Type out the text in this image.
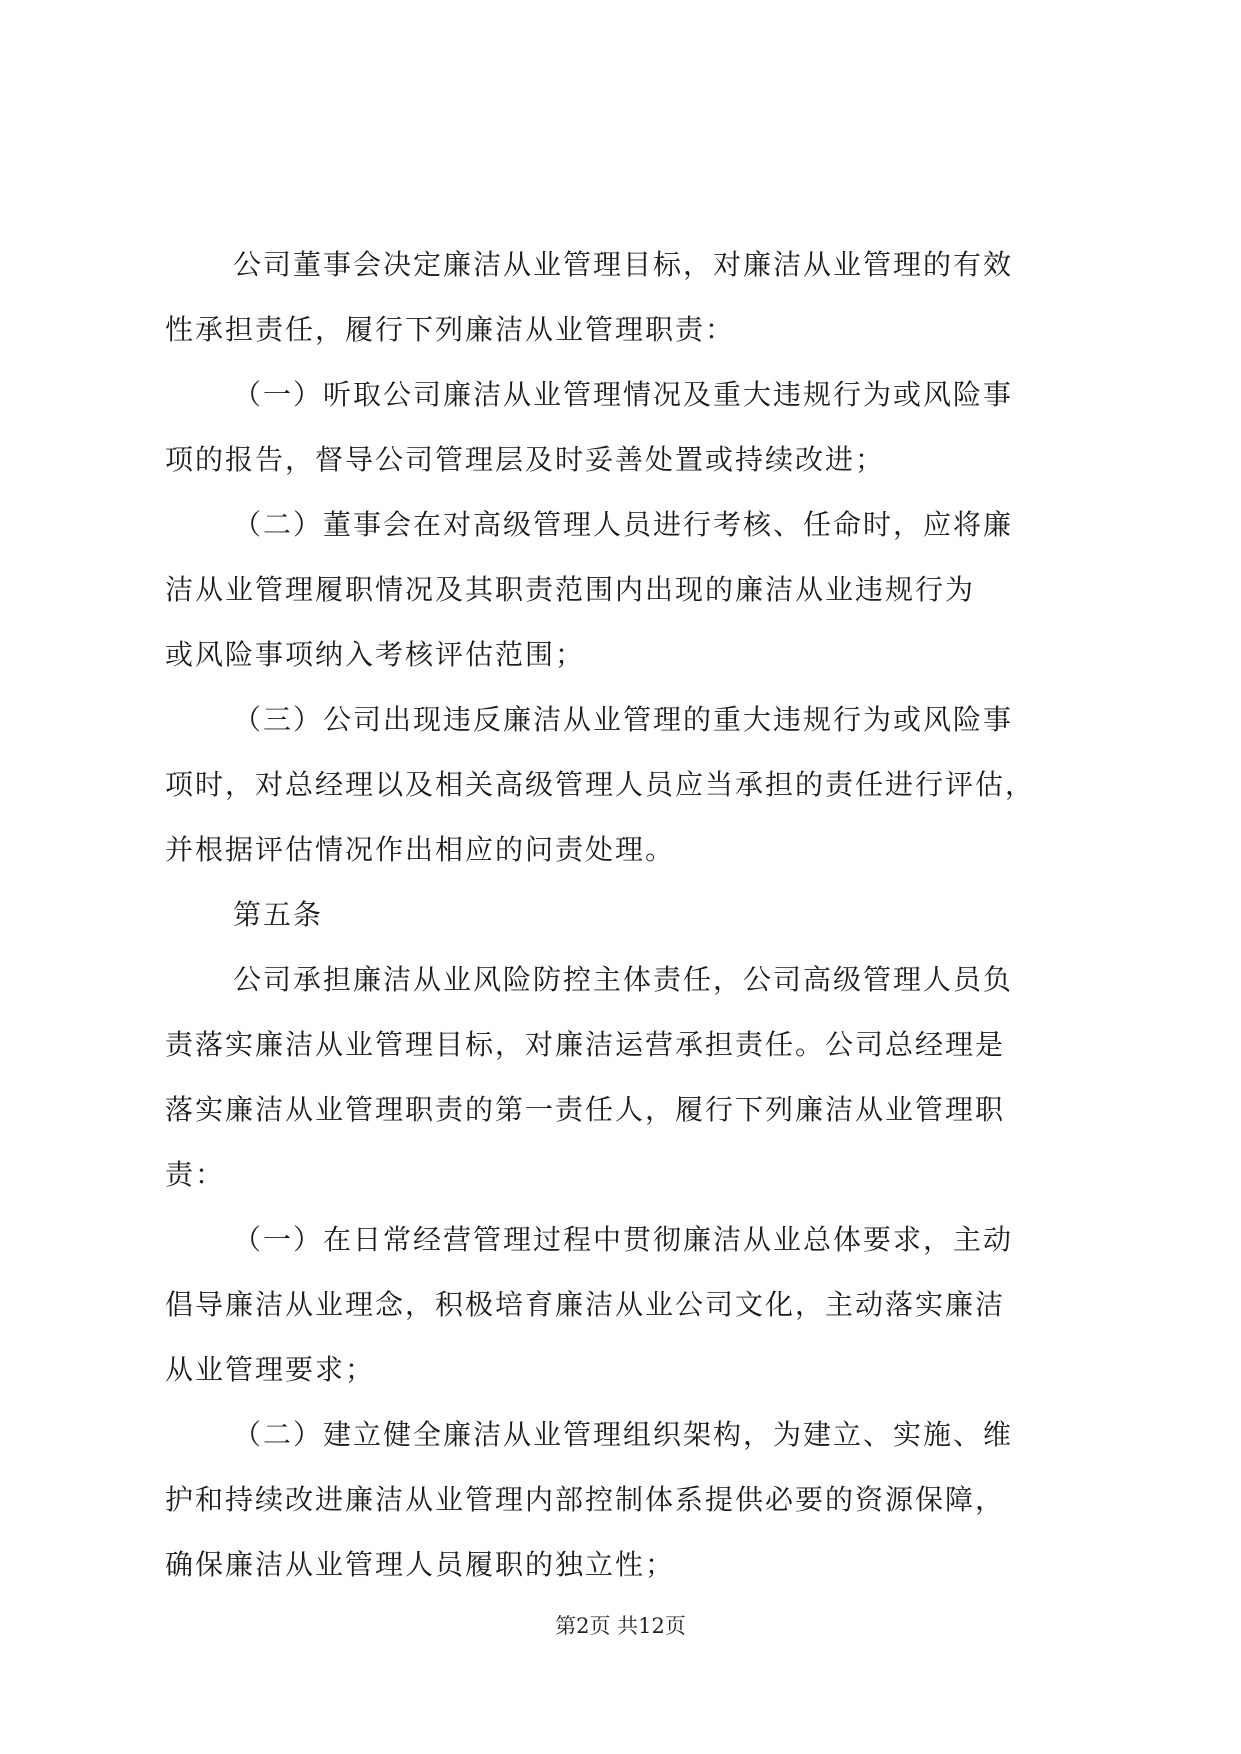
公司董事会决定廉洁从业管理目标，对廉洁从业管理的有效
性承担责任，履行下列廉洁从业管理职责：
（一）听取公司廉洁从业管理情况及重大违规行为或风险事
项的报告，督导公司管理层及时妥善处置或持续改进；
（二）董事会在对高级管理人员进行考核、任命时，应将廉
洁从业管理履职情况及其职责范围内出现的廉洁从业违规行为
或风险事项纳入考核评估范围；
（三）公司出现违反廉洁从业管理的重大违规行为或风险事
项时，对总经理以及相关高级管理人员应当承担的责任进行评估，
并根据评估情况作出相应的问责处理。
第五条
公司承担廉洁从业风险防控主体责任，公司高级管理人员负
责落实廉洁从业管理目标，对廉洁运营承担责任。公司总经理是
落实廉洁从业管理职责的第一责任人，履行下列廉洁从业管理职
责：
（一）在日常经营管理过程中贯彻廉洁从业总体要求，主动
倡导廉洁从业理念，积极培育廉洁从业公司文化，主动落实廉洁
从业管理要求；
（二）建立健全廉洁从业管理组织架构，为建立、实施、维
护和持续改进廉洁从业管理内部控制体系提供必要的资源保障，
确保廉洁从业管理人员履职的独立性；
第2页 共12页
